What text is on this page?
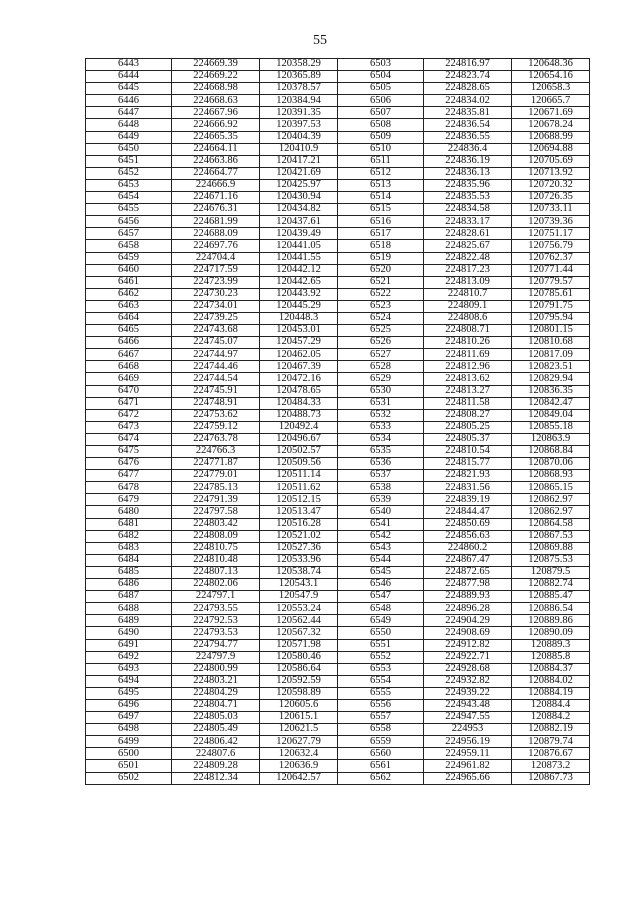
55
6443	224669.39	120358.29	6503	224816.97	120648.36
6444	224669.22	120365.89	6504	224823.74	120654.16
6445	224668.98	120378.57	6505	224828.65	120658.3
6446	224668.63	120384.94	6506	224834.02	120665.7
6447	224667.96	120391.35	6507	224835.81	120671.69
6448	224666.92	120397.53	6508	224836.54	120678.24
6449	224665.35	120404.39	6509	224836.55	120688.99
6450	224664.11	120410.9	6510	224836.4	120694.88
6451	224663.86	120417.21	6511	224836.19	120705.69
6452	224664.77	120421.69	6512	224836.13	120713.92
6453	224666.9	120425.97	6513	224835.96	120720.32
6454	224671.16	120430.94	6514	224835.53	120726.35
6455	224676.31	120434.82	6515	224834.58	120733.11
6456	224681.99	120437.61	6516	224833.17	120739.36
6457	224688.09	120439.49	6517	224828.61	120751.17
6458	224697.76	120441.05	6518	224825.67	120756.79
6459	224704.4	120441.55	6519	224822.48	120762.37
6460	224717.59	120442.12	6520	224817.23	120771.44
6461	224723.99	120442.65	6521	224813.09	120779.57
6462	224730.23	120443.92	6522	224810.7	120785.61
6463	224734.01	120445.29	6523	224809.1	120791.75
6464	224739.25	120448.3	6524	224808.6	120795.94
6465	224743.68	120453.01	6525	224808.71	120801.15
6466	224745.07	120457.29	6526	224810.26	120810.68
6467	224744.97	120462.05	6527	224811.69	120817.09
6468	224744.46	120467.39	6528	224812.96	120823.51
6469	224744.54	120472.16	6529	224813.62	120829.94
6470	224745.91	120478.65	6530	224813.27	120836.35
6471	224748.91	120484.33	6531	224811.58	120842.47
6472	224753.62	120488.73	6532	224808.27	120849.04
6473	224759.12	120492.4	6533	224805.25	120855.18
6474	224763.78	120496.67	6534	224805.37	120863.9
6475	224766.3	120502.57	6535	224810.54	120868.84
6476	224771.87	120509.56	6536	224815.77	120870.06
6477	224779.01	120511.14	6537	224821.93	120868.93
6478	224785.13	120511.62	6538	224831.56	120865.15
6479	224791.39	120512.15	6539	224839.19	120862.97
6480	224797.58	120513.47	6540	224844.47	120862.97
6481	224803.42	120516.28	6541	224850.69	120864.58
6482	224808.09	120521.02	6542	224856.63	120867.53
6483	224810.75	120527.36	6543	224860.2	120869.88
6484	224810.48	120533.96	6544	224867.47	120875.53
6485	224807.13	120538.74	6545	224872.65	120879.5
6486	224802.06	120543.1	6546	224877.98	120882.74
6487	224797.1	120547.9	6547	224889.93	120885.47
6488	224793.55	120553.24	6548	224896.28	120886.54
6489	224792.53	120562.44	6549	224904.29	120889.86
6490	224793.53	120567.32	6550	224908.69	120890.09
6491	224794.77	120571.98	6551	224912.82	120889.3
6492	224797.9	120580.46	6552	224922.71	120885.8
6493	224800.99	120586.64	6553	224928.68	120884.37
6494	224803.21	120592.59	6554	224932.82	120884.02
6495	224804.29	120598.89	6555	224939.22	120884.19
6496	224804.71	120605.6	6556	224943.48	120884.4
6497	224805.03	120615.1	6557	224947.55	120884.2
6498	224805.49	120621.5	6558	224953	120882.19
6499	224806.42	120627.79	6559	224956.19	120879.74
6500	224807.6	120632.4	6560	224959.11	120876.67
6501	224809.28	120636.9	6561	224961.82	120873.2
6502	224812.34	120642.57	6562	224965.66	120867.73
